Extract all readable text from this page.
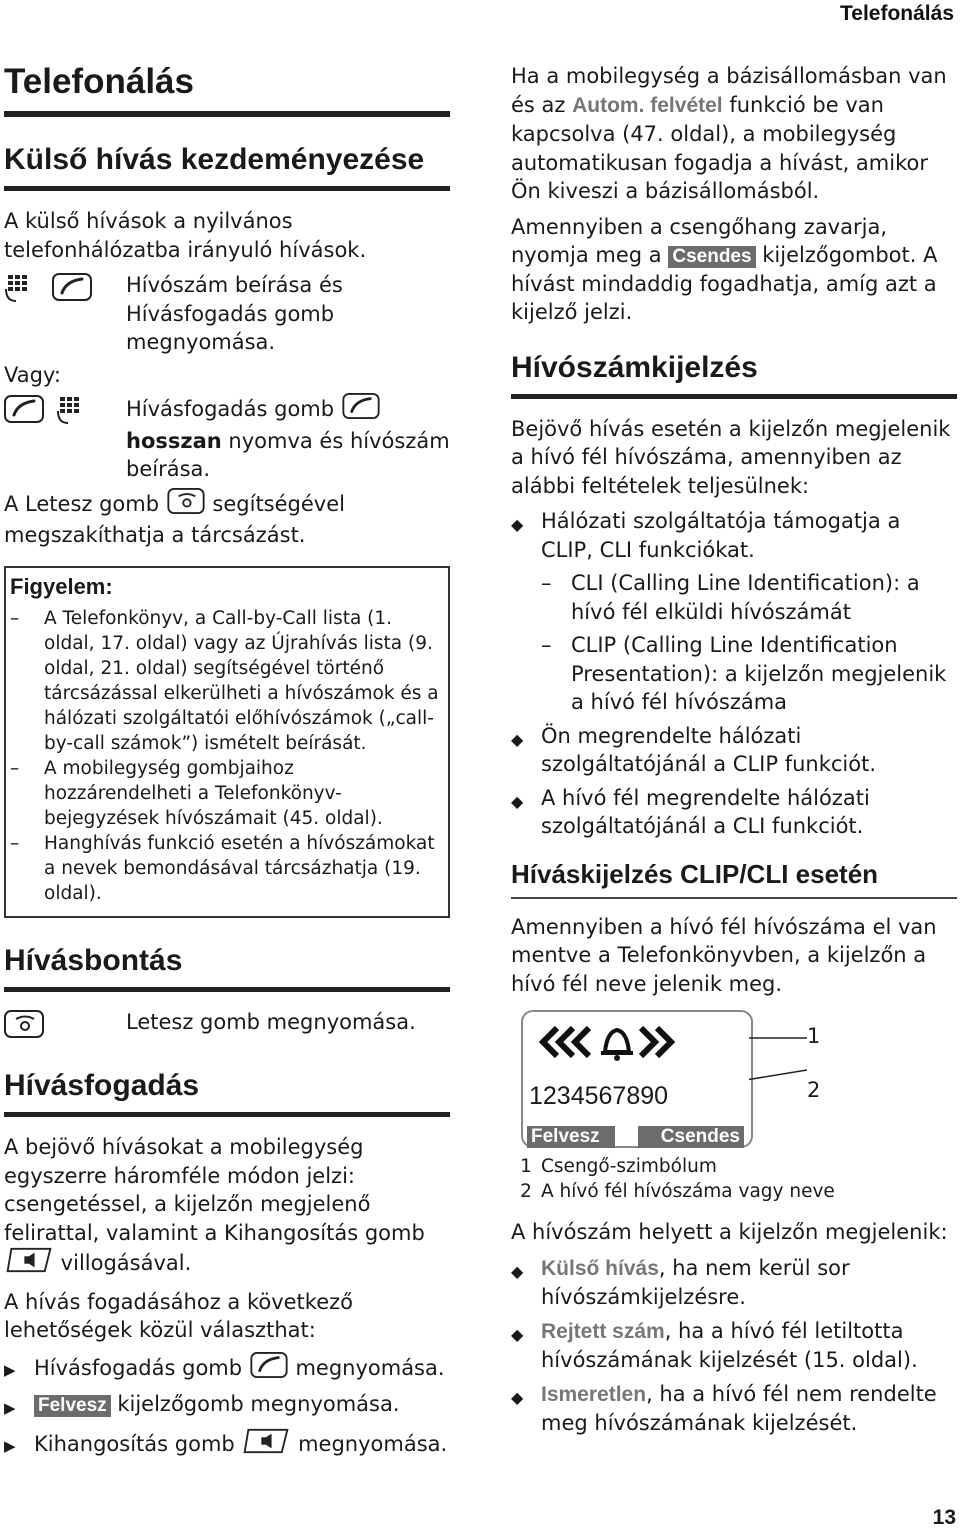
Telefonálás
Telefonálás
Külső hívás kezdeményezése

A külső hívások a nyilvános telefonhálózatba irányuló hívások.

Hívószám beírása és Hívásfogadás gomb megnyomása.

Vagy:

Hívásfogadás gomb  hosszan nyomva és hívószám beírása.

A Letesz gomb  segítségével megszakíthatja a tárcsázást.

Figyelem:
–	A Telefonkönyv, a Call-by-Call lista (1. oldal, 17. oldal) vagy az Újrahívás lista (9. oldal, 21. oldal) segítségével történő tárcsázással elkerülheti a hívószámok és a hálózati szolgáltatói előhívószámok („call-by-call számok”) ismételt beírását.
–	A mobilegység gombjaihoz hozzárendelheti a Telefonkönyv-bejegyzések hívószámait (45. oldal).
–	Hanghívás funkció esetén a hívószámokat a nevek bemondásával tárcsázhatja (19. oldal).
Hívásbontás
Letesz gomb megnyomása.
Hívásfogadás

A bejövő hívásokat a mobilegység egyszerre háromféle módon jelzi: csengetéssel, a kijelzőn megjelenő felirattal, valamint a Kihangosítás gomb  villogásával.

A hívás fogadásához a következő lehetőségek közül választhat:

▶ Hívásfogadás gomb  megnyomása.
▶	Felvesz kijelzőgomb megnyomása.
▶ Kihangosítás gomb  megnyomása.

Ha a mobilegység a bázisállomásban van és az Autom. felvétel funkció be van kapcsolva (47. oldal), a mobilegység automatikusan fogadja a hívást, amikor Ön kiveszi a bázisállomásból.

Amennyiben a csengőhang zavarja, nyomja meg a Csendes kijelzőgombot. A hívást mindaddig fogadhatja, amíg azt a kijelző jelzi.

Hívószámkijelzés

Bejövő hívás esetén a kijelzőn megjelenik a hívó fél hívószáma, amennyiben az alábbi feltételek teljesülnek:

◆ Hálózati szolgáltatója támogatja a CLIP, CLI funkciókat.
– CLI (Calling Line Identification): a hívó fél elküldi hívószámát
– CLIP (Calling Line Identification Presentation): a kijelzőn megjelenik a hívó fél hívószáma
◆ Ön megrendelte hálózati szolgáltatójánál a CLIP funkciót.
◆ A hívó fél megrendelte hálózati szolgáltatójánál a CLI funkciót.
Híváskijelzés CLIP/CLI esetén

Amennyiben a hívó fél hívószáma el van mentve a Telefonkönyvben, a kijelzőn a hívó fél neve jelenik meg.

1234567890
Felvesz	Csendes
1
2
1 Csengő-szimbólum
2 A hívó fél hívószáma vagy neve

A hívószám helyett a kijelzőn megjelenik:

◆ Külső hívás, ha nem kerül sor hívószámkijelzésre.
◆ Rejtett szám, ha a hívó fél letiltotta hívószámának kijelzését (15. oldal).
◆ Ismeretlen, ha a hívó fél nem rendelte meg hívószámának kijelzését.
13
